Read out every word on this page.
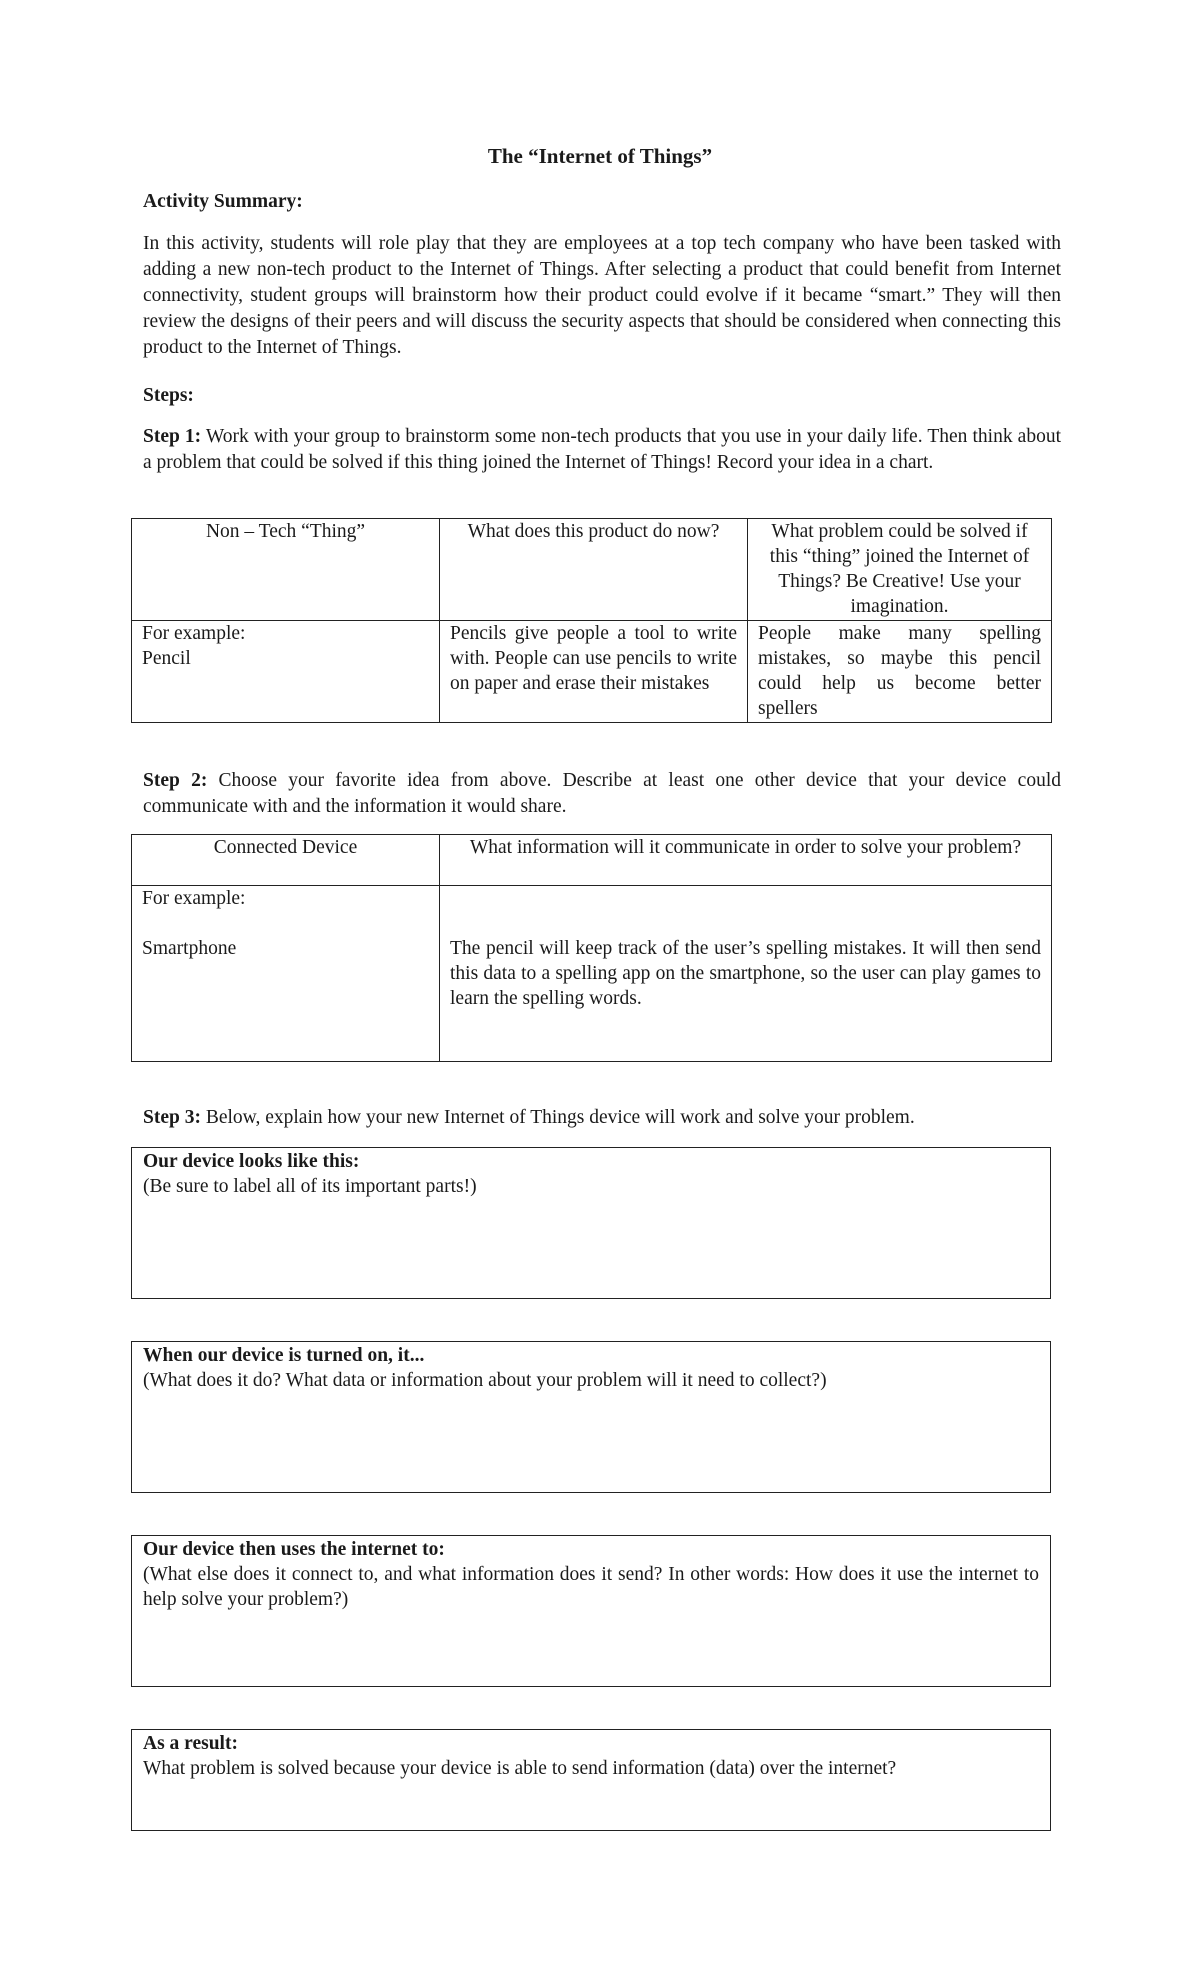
The “Internet of Things”
Activity Summary:
In this activity, students will role play that they are employees at a top tech company who have been tasked with adding a new non-tech product to the Internet of Things. After selecting a product that could benefit from Internet connectivity, student groups will brainstorm how their product could evolve if it became “smart.” They will then review the designs of their peers and will discuss the security aspects that should be considered when connecting this product to the Internet of Things.
Steps:
Step 1: Work with your group to brainstorm some non-tech products that you use in your daily life. Then think about a problem that could be solved if this thing joined the Internet of Things! Record your idea in a chart.
Non – Tech “Thing”	What does this product do now?	What problem could be solved if this “thing” joined the Internet of Things? Be Creative! Use your imagination.

For example:
Pencil	Pencils give people a tool to write with. People can use pencils to write on paper and erase their mistakes	People make many spelling mistakes, so maybe this pencil could help us become better spellers
Step 2: Choose your favorite idea from above. Describe at least one other device that your device could communicate with and the information it would share.
Connected Device	What information will it communicate in order to solve your problem?

For example:
Smartphone	The pencil will keep track of the user’s spelling mistakes. It will then send this data to a spelling app on the smartphone, so the user can play games to learn the spelling words.
Step 3: Below, explain how your new Internet of Things device will work and solve your problem.
Our device looks like this:
(Be sure to label all of its important parts!)
When our device is turned on, it...
(What does it do? What data or information about your problem will it need to collect?)
Our device then uses the internet to:
(What else does it connect to, and what information does it send? In other words: How does it use the internet to help solve your problem?)
As a result:
What problem is solved because your device is able to send information (data) over the internet?
